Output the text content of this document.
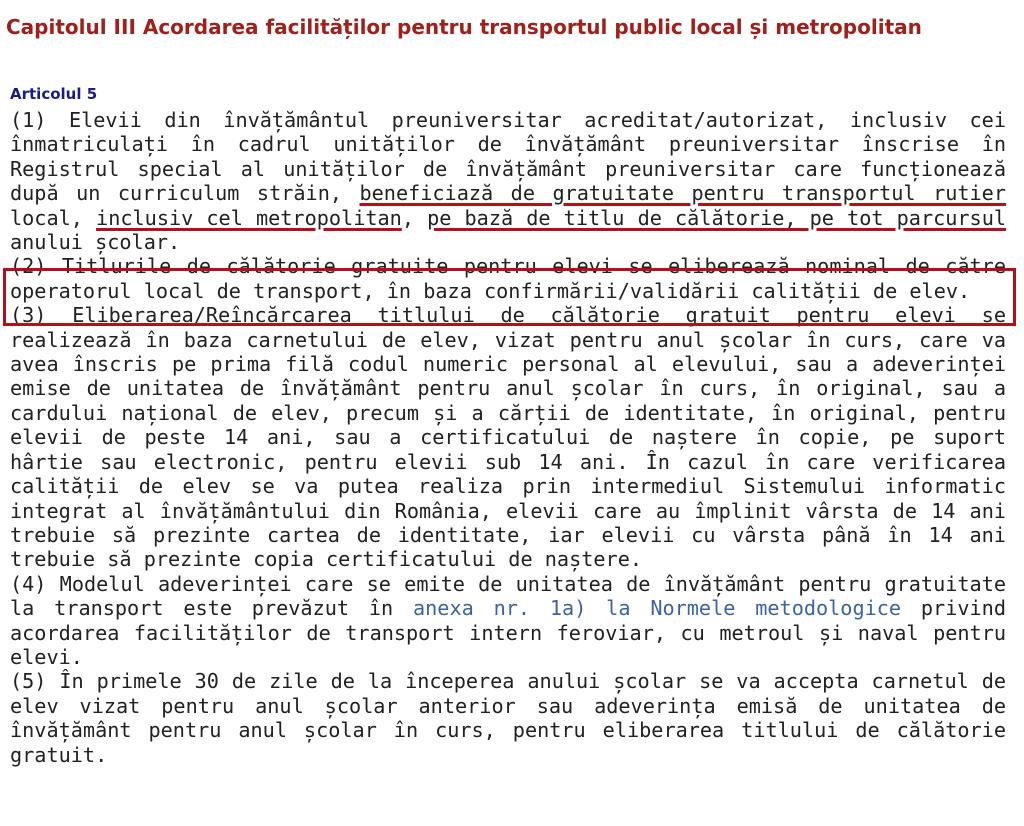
Capitolul III Acordarea facilităților pentru transportul public local și metropolitan
Articolul 5

(1) Elevii din învățământul preuniversitar acreditat/autorizat, inclusiv cei înmatriculați în cadrul unităților de învățământ preuniversitar înscrise în Registrul special al unităților de învățământ preuniversitar care funcționează după un curriculum străin, beneficiază de gratuitate pentru transportul rutier local, inclusiv cel metropolitan, pe bază de titlu de călătorie, pe tot parcursul anului școlar.

(2) Titlurile de călătorie gratuite pentru elevi se eliberează nominal de către operatorul local de transport, în baza confirmării/validării calității de elev.

(3) Eliberarea/Reîncărcarea titlului de călătorie gratuit pentru elevi se realizează în baza carnetului de elev, vizat pentru anul școlar în curs, care va avea înscris pe prima filă codul numeric personal al elevului, sau a adeverinței emise de unitatea de învățământ pentru anul școlar în curs, în original, sau a cardului național de elev, precum și a cărții de identitate, în original, pentru elevii de peste 14 ani, sau a certificatului de naștere în copie, pe suport hârtie sau electronic, pentru elevii sub 14 ani. În cazul în care verificarea calității de elev se va putea realiza prin intermediul Sistemului informatic integrat al învățământului din România, elevii care au împlinit vârsta de 14 ani trebuie să prezinte cartea de identitate, iar elevii cu vârsta până în 14 ani trebuie să prezinte copia certificatului de naștere.

(4) Modelul adeverinței care se emite de unitatea de învățământ pentru gratuitate la transport este prevăzut în anexa nr. 1a) la Normele metodologice privind acordarea facilităților de transport intern feroviar, cu metroul și naval pentru elevi.

(5) În primele 30 de zile de la începerea anului școlar se va accepta carnetul de elev vizat pentru anul școlar anterior sau adeverința emisă de unitatea de învățământ pentru anul școlar în curs, pentru eliberarea titlului de călătorie gratuit.
